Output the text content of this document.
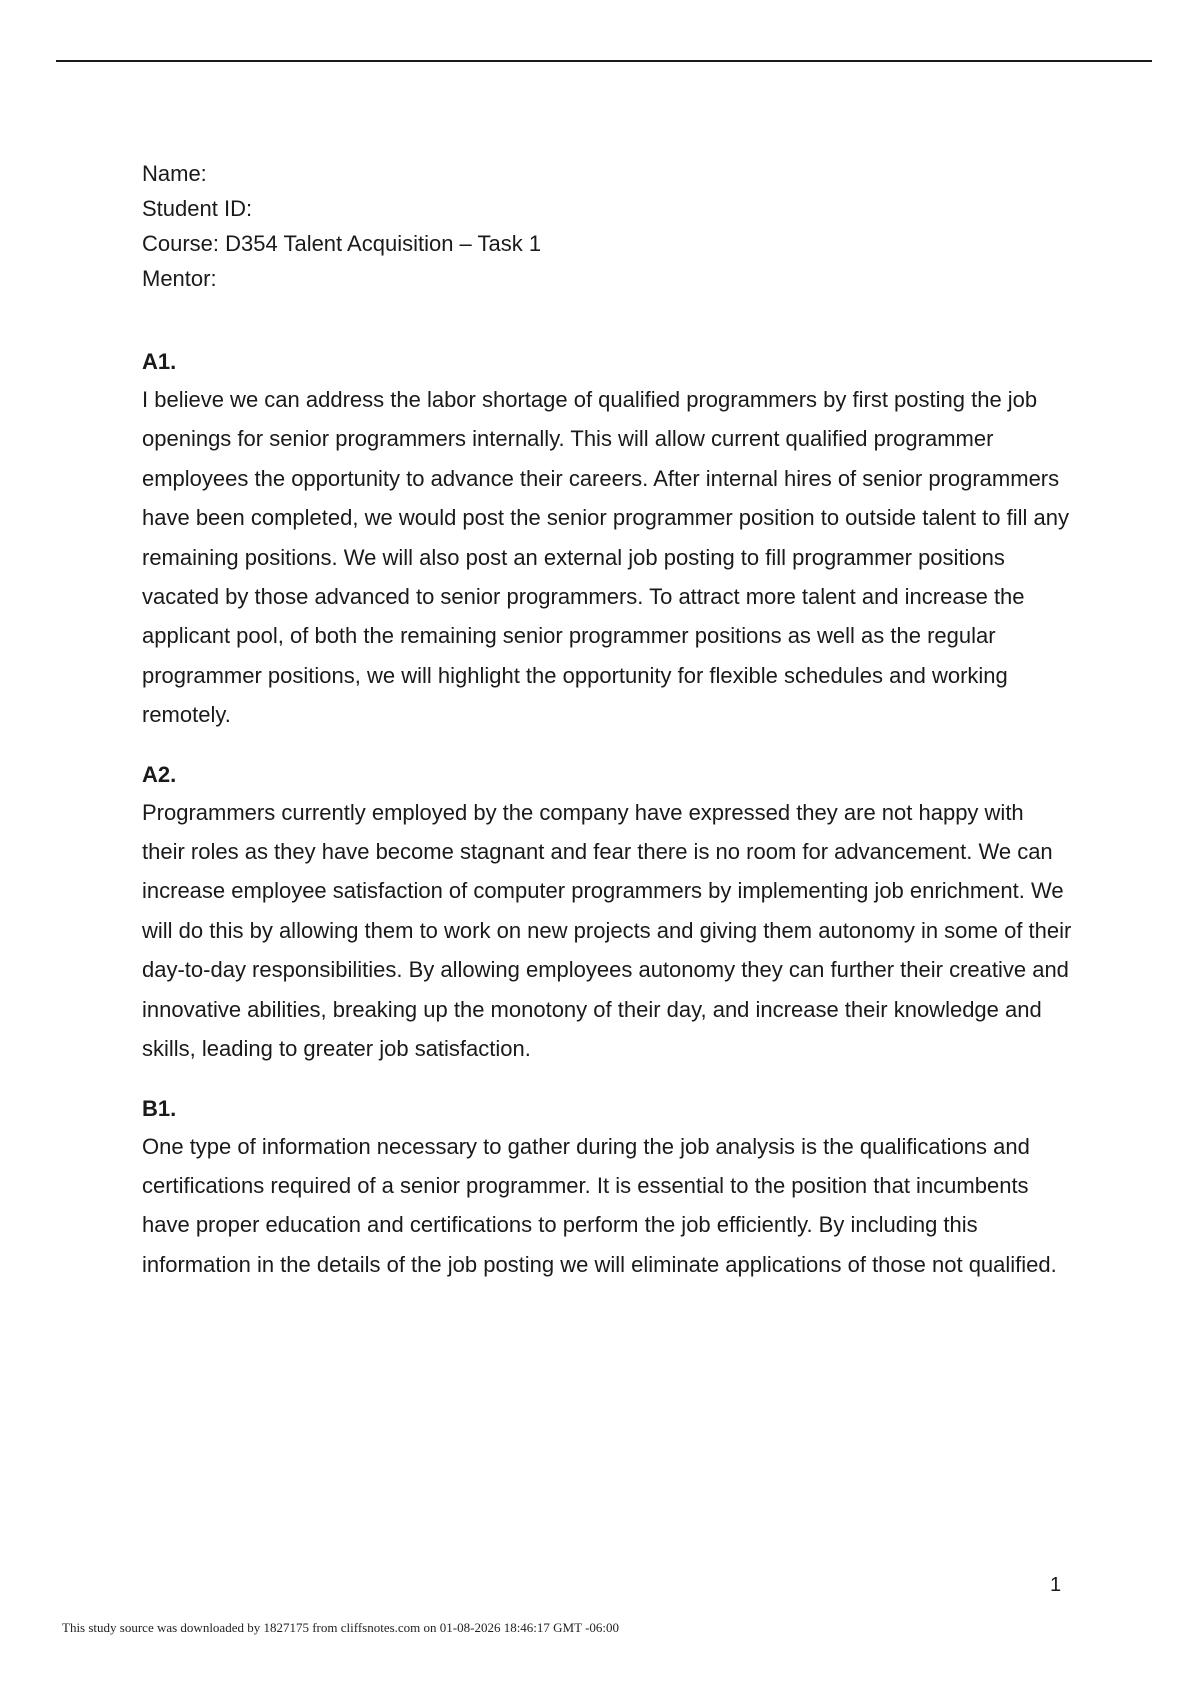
Name:
Student ID:
Course: D354 Talent Acquisition – Task 1
Mentor:
A1.

I believe we can address the labor shortage of qualified programmers by first posting the job openings for senior programmers internally. This will allow current qualified programmer employees the opportunity to advance their careers. After internal hires of senior programmers have been completed, we would post the senior programmer position to outside talent to fill any remaining positions. We will also post an external job posting to fill programmer positions vacated by those advanced to senior programmers. To attract more talent and increase the applicant pool, of both the remaining senior programmer positions as well as the regular programmer positions, we will highlight the opportunity for flexible schedules and working remotely.

A2.

Programmers currently employed by the company have expressed they are not happy with their roles as they have become stagnant and fear there is no room for advancement. We can increase employee satisfaction of computer programmers by implementing job enrichment. We will do this by allowing them to work on new projects and giving them autonomy in some of their day-to-day responsibilities. By allowing employees autonomy they can further their creative and innovative abilities, breaking up the monotony of their day, and increase their knowledge and skills, leading to greater job satisfaction.

B1.

One type of information necessary to gather during the job analysis is the qualifications and certifications required of a senior programmer. It is essential to the position that incumbents have proper education and certifications to perform the job efficiently. By including this information in the details of the job posting we will eliminate applications of those not qualified.

1
This study source was downloaded by 1827175 from cliffsnotes.com on 01-08-2026 18:46:17 GMT -06:00
